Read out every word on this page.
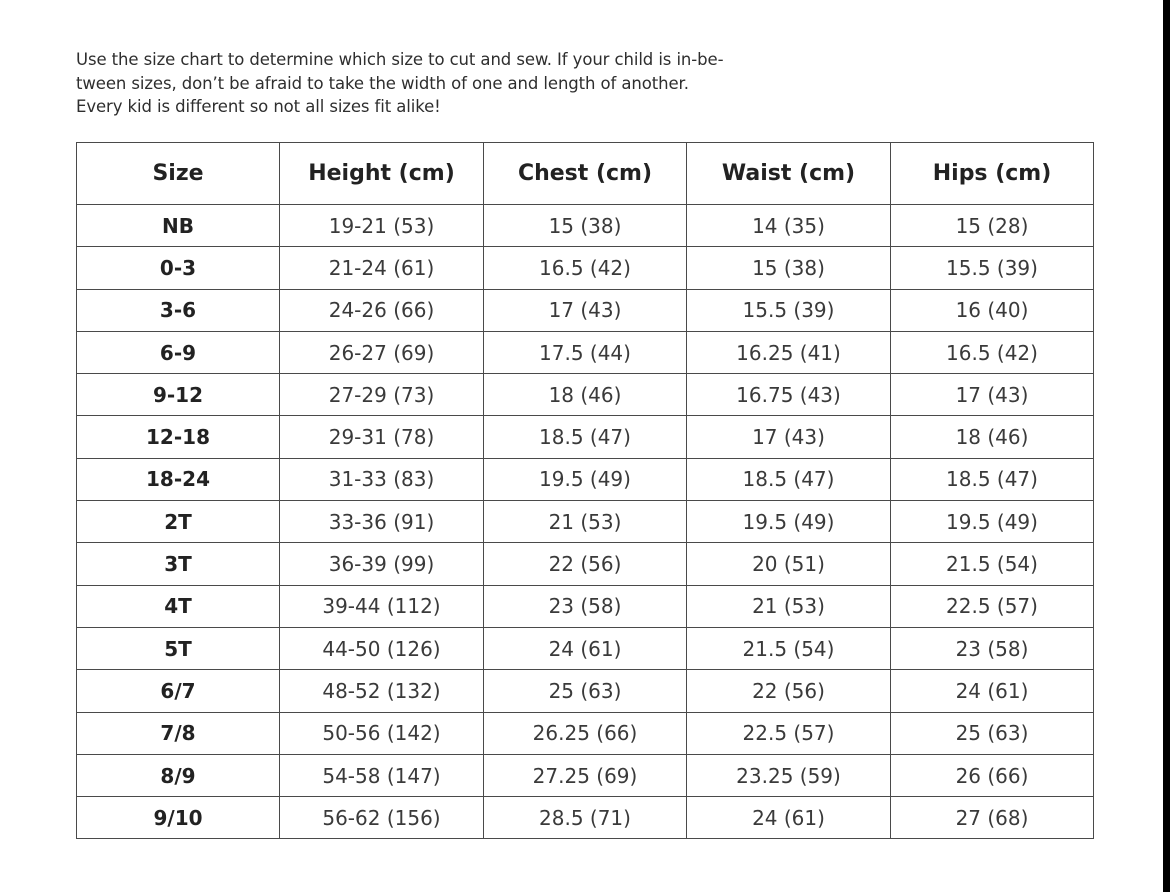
Use the size chart to determine which size to cut and sew. If your child is in-be-
tween sizes, don’t be afraid to take the width of one and length of another.
Every kid is different so not all sizes fit alike!
Size	Height (cm)	Chest (cm)	Waist (cm)	Hips (cm)
NB	19-21 (53)	15 (38)	14 (35)	15 (28)
0-3	21-24 (61)	16.5 (42)	15 (38)	15.5 (39)
3-6	24-26 (66)	17 (43)	15.5 (39)	16 (40)
6-9	26-27 (69)	17.5 (44)	16.25 (41)	16.5 (42)
9-12	27-29 (73)	18 (46)	16.75 (43)	17 (43)
12-18	29-31 (78)	18.5 (47)	17 (43)	18 (46)
18-24	31-33 (83)	19.5 (49)	18.5 (47)	18.5 (47)
2T	33-36 (91)	21 (53)	19.5 (49)	19.5 (49)
3T	36-39 (99)	22 (56)	20 (51)	21.5 (54)
4T	39-44 (112)	23 (58)	21 (53)	22.5 (57)
5T	44-50 (126)	24 (61)	21.5 (54)	23 (58)
6/7	48-52 (132)	25 (63)	22 (56)	24 (61)
7/8	50-56 (142)	26.25 (66)	22.5 (57)	25 (63)
8/9	54-58 (147)	27.25 (69)	23.25 (59)	26 (66)
9/10	56-62 (156)	28.5 (71)	24 (61)	27 (68)
